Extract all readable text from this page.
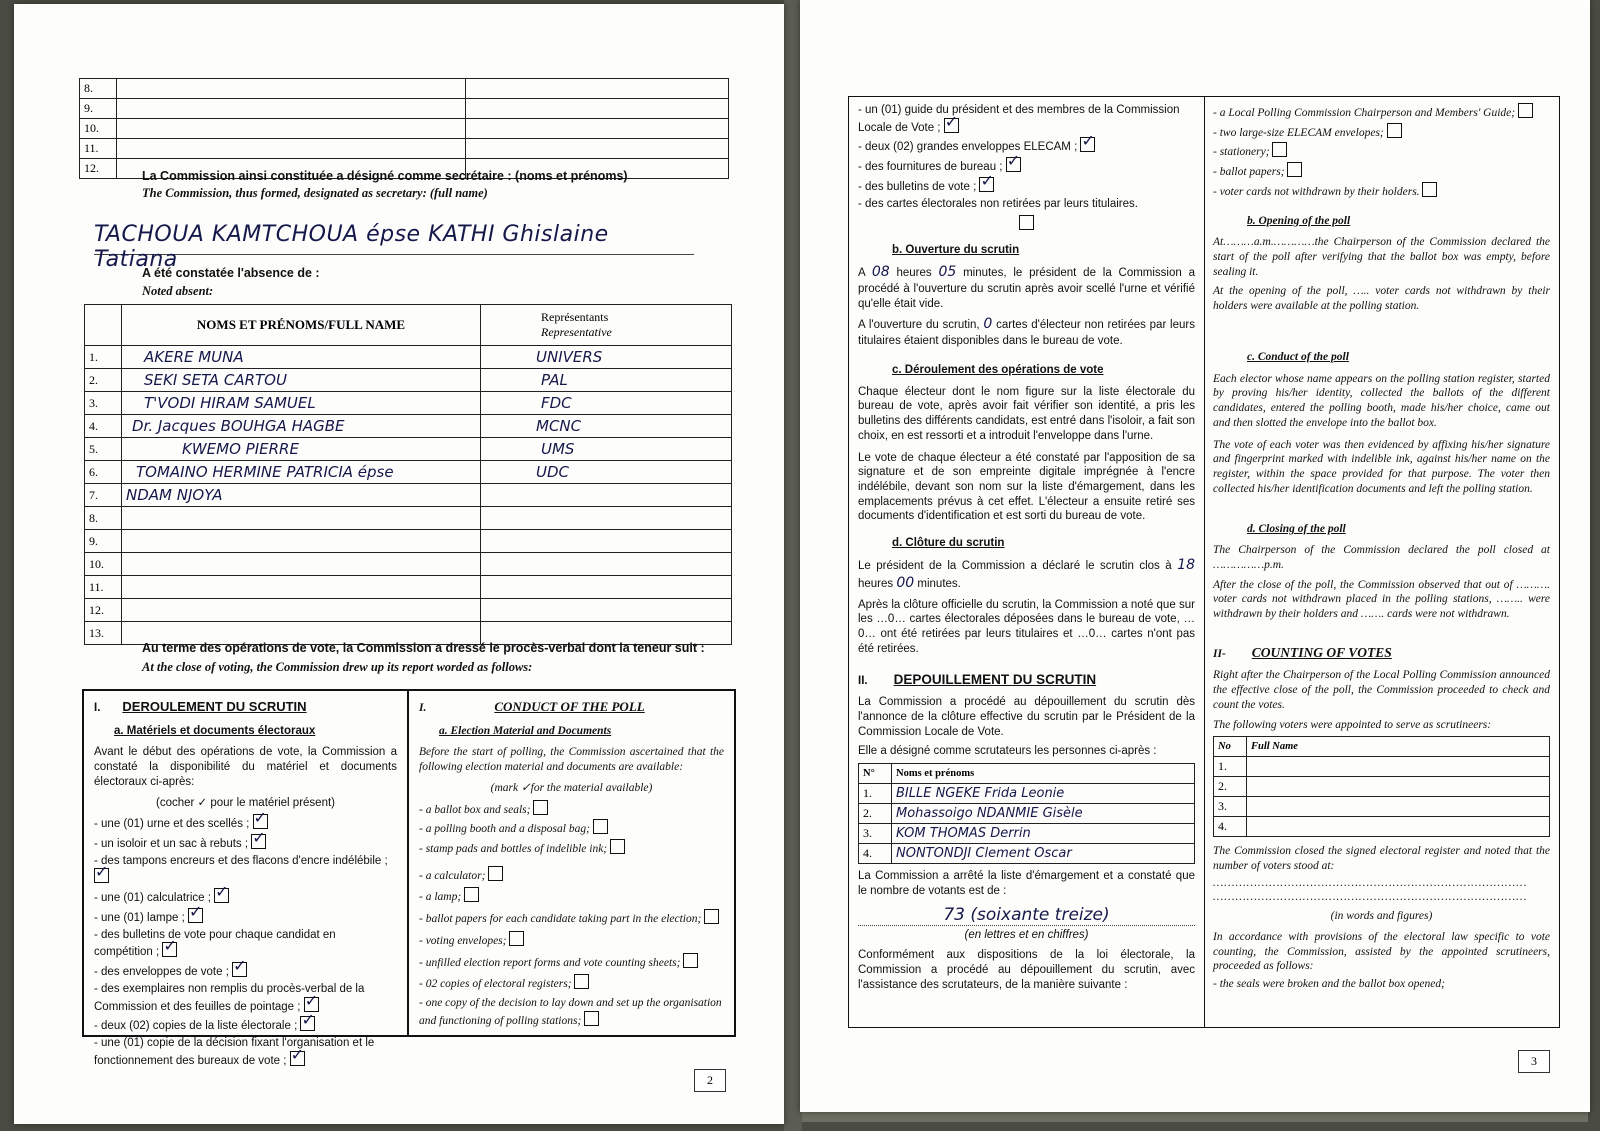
8.		
9.		
10.		
11.		
12.		
La Commission ainsi constituée a désigné comme secrétaire : (noms et prénoms)
The Commission, thus formed, designated as secretary: (full name)
TACHOUA KAMTCHOUA épse KATHI Ghislaine Tatiana
A été constatée l'absence de :
Noted absent:
	NOMS ET PRÉNOMS/FULL NAME	Représentants
Representative

1.	AKERE MUNA	UNIVERS
2.	SEKI SETA CARTOU	PAL
3.	T'VODI HIRAM SAMUEL	FDC
4.	Dr. Jacques BOUHGA HAGBE	MCNC
5.	KWEMO PIERRE	UMS
6.	TOMAINO HERMINE PATRICIA épse	UDC
7.	NDAM NJOYA	
8.		
9.		
10.		
11.		
12.		
13.		
Au terme des opérations de vote, la Commission a dressé le procès-verbal dont la teneur suit :
At the close of voting, the Commission drew up its report worded as follows:
I. DEROULEMENT DU SCRUTIN
a. Matériels et documents électoraux
Avant le début des opérations de vote, la Commission a constaté la disponibilité du matériel et documents électoraux ci-après:
(cocher ✓ pour le matériel présent)
- une (01) urne et des scellés ; ✓
- un isoloir et un sac à rebuts ; ✓
- des tampons encreurs et des flacons d'encre indélébile ; ✓
- une (01) calculatrice ; ✓
- une (01) lampe ; ✓
- des bulletins de vote pour chaque candidat en compétition ; ✓
- des enveloppes de vote ; ✓
- des exemplaires non remplis du procès-verbal de la Commission et des feuilles de pointage ; ✓
- deux (02) copies de la liste électorale ; ✓
- une (01) copie de la décision fixant l'organisation et le fonctionnement des bureaux de vote ; ✓
I.	CONDUCT OF THE POLL
a. Election Material and Documents
Before the start of polling, the Commission ascertained that the following election material and documents are available:
(mark ✓for the material available)
- a ballot box and seals;
- a polling booth and a disposal bag;
- stamp pads and bottles of indelible ink;
- a calculator;
- a lamp;
- ballot papers for each candidate taking part in the election;
- voting envelopes;
- unfilled election report forms and vote counting sheets;
- 02 copies of electoral registers;
- one copy of the decision to lay down and set up the organisation and functioning of polling stations;
2
- un (01) guide du président et des membres de la Commission Locale de Vote ; ✓
- deux (02) grandes enveloppes ELECAM ; ✓
- des fournitures de bureau ; ✓
- des bulletins de vote ; ✓
- des cartes électorales non retirées par leurs titulaires.
b. Ouverture du scrutin
A 08 heures 05 minutes, le président de la Commission a procédé à l'ouverture du scrutin après avoir scellé l'urne et vérifié qu'elle était vide.
A l'ouverture du scrutin, 0 cartes d'électeur non retirées par leurs titulaires étaient disponibles dans le bureau de vote.
c. Déroulement des opérations de vote
Chaque électeur dont le nom figure sur la liste électorale du bureau de vote, après avoir fait vérifier son identité, a pris les bulletins des différents candidats, est entré dans l'isoloir, a fait son choix, en est ressorti et a introduit l'enveloppe dans l'urne.
Le vote de chaque électeur a été constaté par l'apposition de sa signature et de son empreinte digitale imprégnée à l'encre indélébile, devant son nom sur la liste d'émargement, dans les emplacements prévus à cet effet. L'électeur a ensuite retiré ses documents d'identification et est sorti du bureau de vote.
d. Clôture du scrutin
Le président de la Commission a déclaré le scrutin clos à 18 heures 00 minutes.
Après la clôture officielle du scrutin, la Commission a noté que sur les …0… cartes électorales déposées dans le bureau de vote, …0… ont été retirées par leurs titulaires et …0… cartes n'ont pas été retirées.
II. DEPOUILLEMENT DU SCRUTIN
La Commission a procédé au dépouillement du scrutin dès l'annonce de la clôture effective du scrutin par le Président de la Commission Locale de Vote.
Elle a désigné comme scrutateurs les personnes ci-après :
N°	Noms et prénoms
1.	BILLE NGEKE Frida Leonie
2.	Mohassoigo NDANMIE Gisèle
3.	KOM THOMAS Derrin
4.	NONTONDJI Clement Oscar
La Commission a arrêté la liste d'émargement et a constaté que le nombre de votants est de :
73 (soixante treize)
(en lettres et en chiffres)
Conformément aux dispositions de la loi électorale, la Commission a procédé au dépouillement du scrutin, avec l'assistance des scrutateurs, de la manière suivante :
- a Local Polling Commission Chairperson and Members' Guide;
- two large-size ELECAM envelopes;
- stationery;
- ballot papers;
- voter cards not withdrawn by their holders.
b. Opening of the poll
At………a.m.…………the Chairperson of the Commission declared the start of the poll after verifying that the ballot box was empty, before sealing it.
At the opening of the poll, ….. voter cards not withdrawn by their holders were available at the polling station.
c. Conduct of the poll
Each elector whose name appears on the polling station register, started by proving his/her identity, collected the ballots of the different candidates, entered the polling booth, made his/her choice, came out and then slotted the envelope into the ballot box.
The vote of each voter was then evidenced by affixing his/her signature and fingerprint marked with indelible ink, against his/her name on the register, within the space provided for that purpose. The voter then collected his/her identification documents and left the polling station.
d. Closing of the poll
The Chairperson of the Commission declared the poll closed at ……………p.m.
After the close of the poll, the Commission observed that out of ………. voter cards not withdrawn placed in the polling stations, …….. were withdrawn by their holders and ……. cards were not withdrawn.
II- COUNTING OF VOTES
Right after the Chairperson of the Local Polling Commission announced the effective close of the poll, the Commission proceeded to check and count the votes.
The following voters were appointed to serve as scrutineers:
No	Full Name
1.	
2.	
3.	
4.	
The Commission closed the signed electoral register and noted that the number of voters stood at:
…………………………………………………………………………
…………………………………………………………………………
(in words and figures)
In accordance with provisions of the electoral law specific to vote counting, the Commission, assisted by the appointed scrutineers, proceeded as follows:
- the seals were broken and the ballot box opened;
3
